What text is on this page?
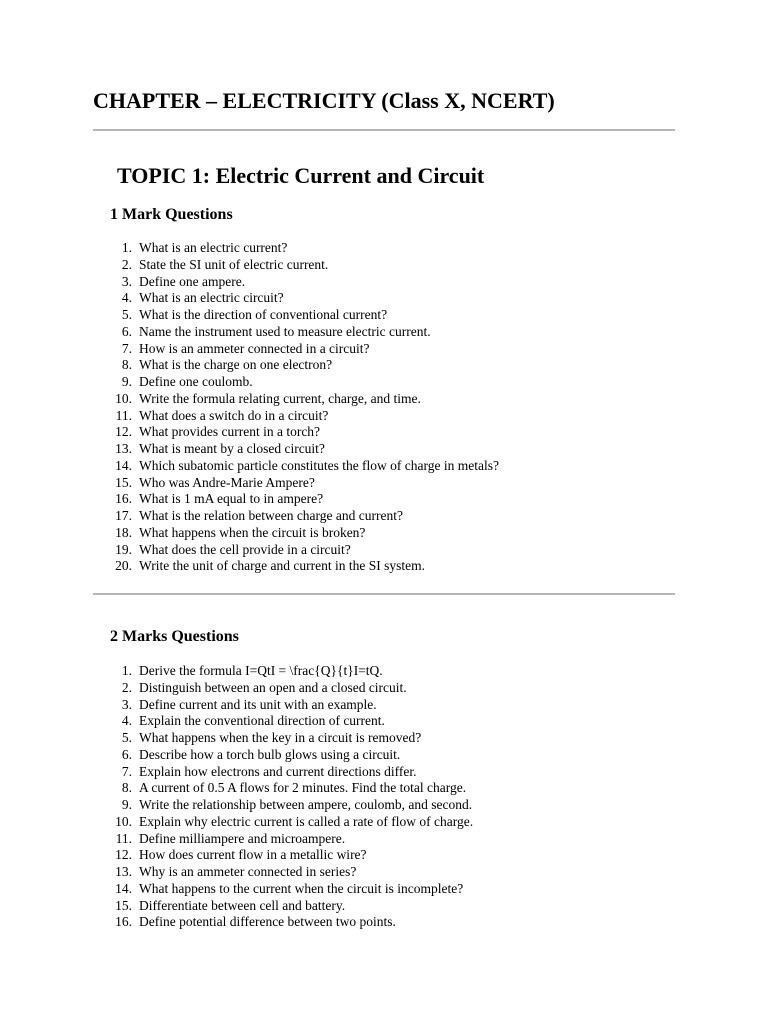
CHAPTER – ELECTRICITY (Class X, NCERT)
TOPIC 1: Electric Current and Circuit
1 Mark Questions
1. What is an electric current?
2. State the SI unit of electric current.
3. Define one ampere.
4. What is an electric circuit?
5. What is the direction of conventional current?
6. Name the instrument used to measure electric current.
7. How is an ammeter connected in a circuit?
8. What is the charge on one electron?
9. Define one coulomb.
10. Write the formula relating current, charge, and time.
11. What does a switch do in a circuit?
12. What provides current in a torch?
13. What is meant by a closed circuit?
14. Which subatomic particle constitutes the flow of charge in metals?
15. Who was Andre-Marie Ampere?
16. What is 1 mA equal to in ampere?
17. What is the relation between charge and current?
18. What happens when the circuit is broken?
19. What does the cell provide in a circuit?
20. Write the unit of charge and current in the SI system.
2 Marks Questions
1. Derive the formula I=QtI = \frac{Q}{t}I=tQ.
2. Distinguish between an open and a closed circuit.
3. Define current and its unit with an example.
4. Explain the conventional direction of current.
5. What happens when the key in a circuit is removed?
6. Describe how a torch bulb glows using a circuit.
7. Explain how electrons and current directions differ.
8. A current of 0.5 A flows for 2 minutes. Find the total charge.
9. Write the relationship between ampere, coulomb, and second.
10. Explain why electric current is called a rate of flow of charge.
11. Define milliampere and microampere.
12. How does current flow in a metallic wire?
13. Why is an ammeter connected in series?
14. What happens to the current when the circuit is incomplete?
15. Differentiate between cell and battery.
16. Define potential difference between two points.
